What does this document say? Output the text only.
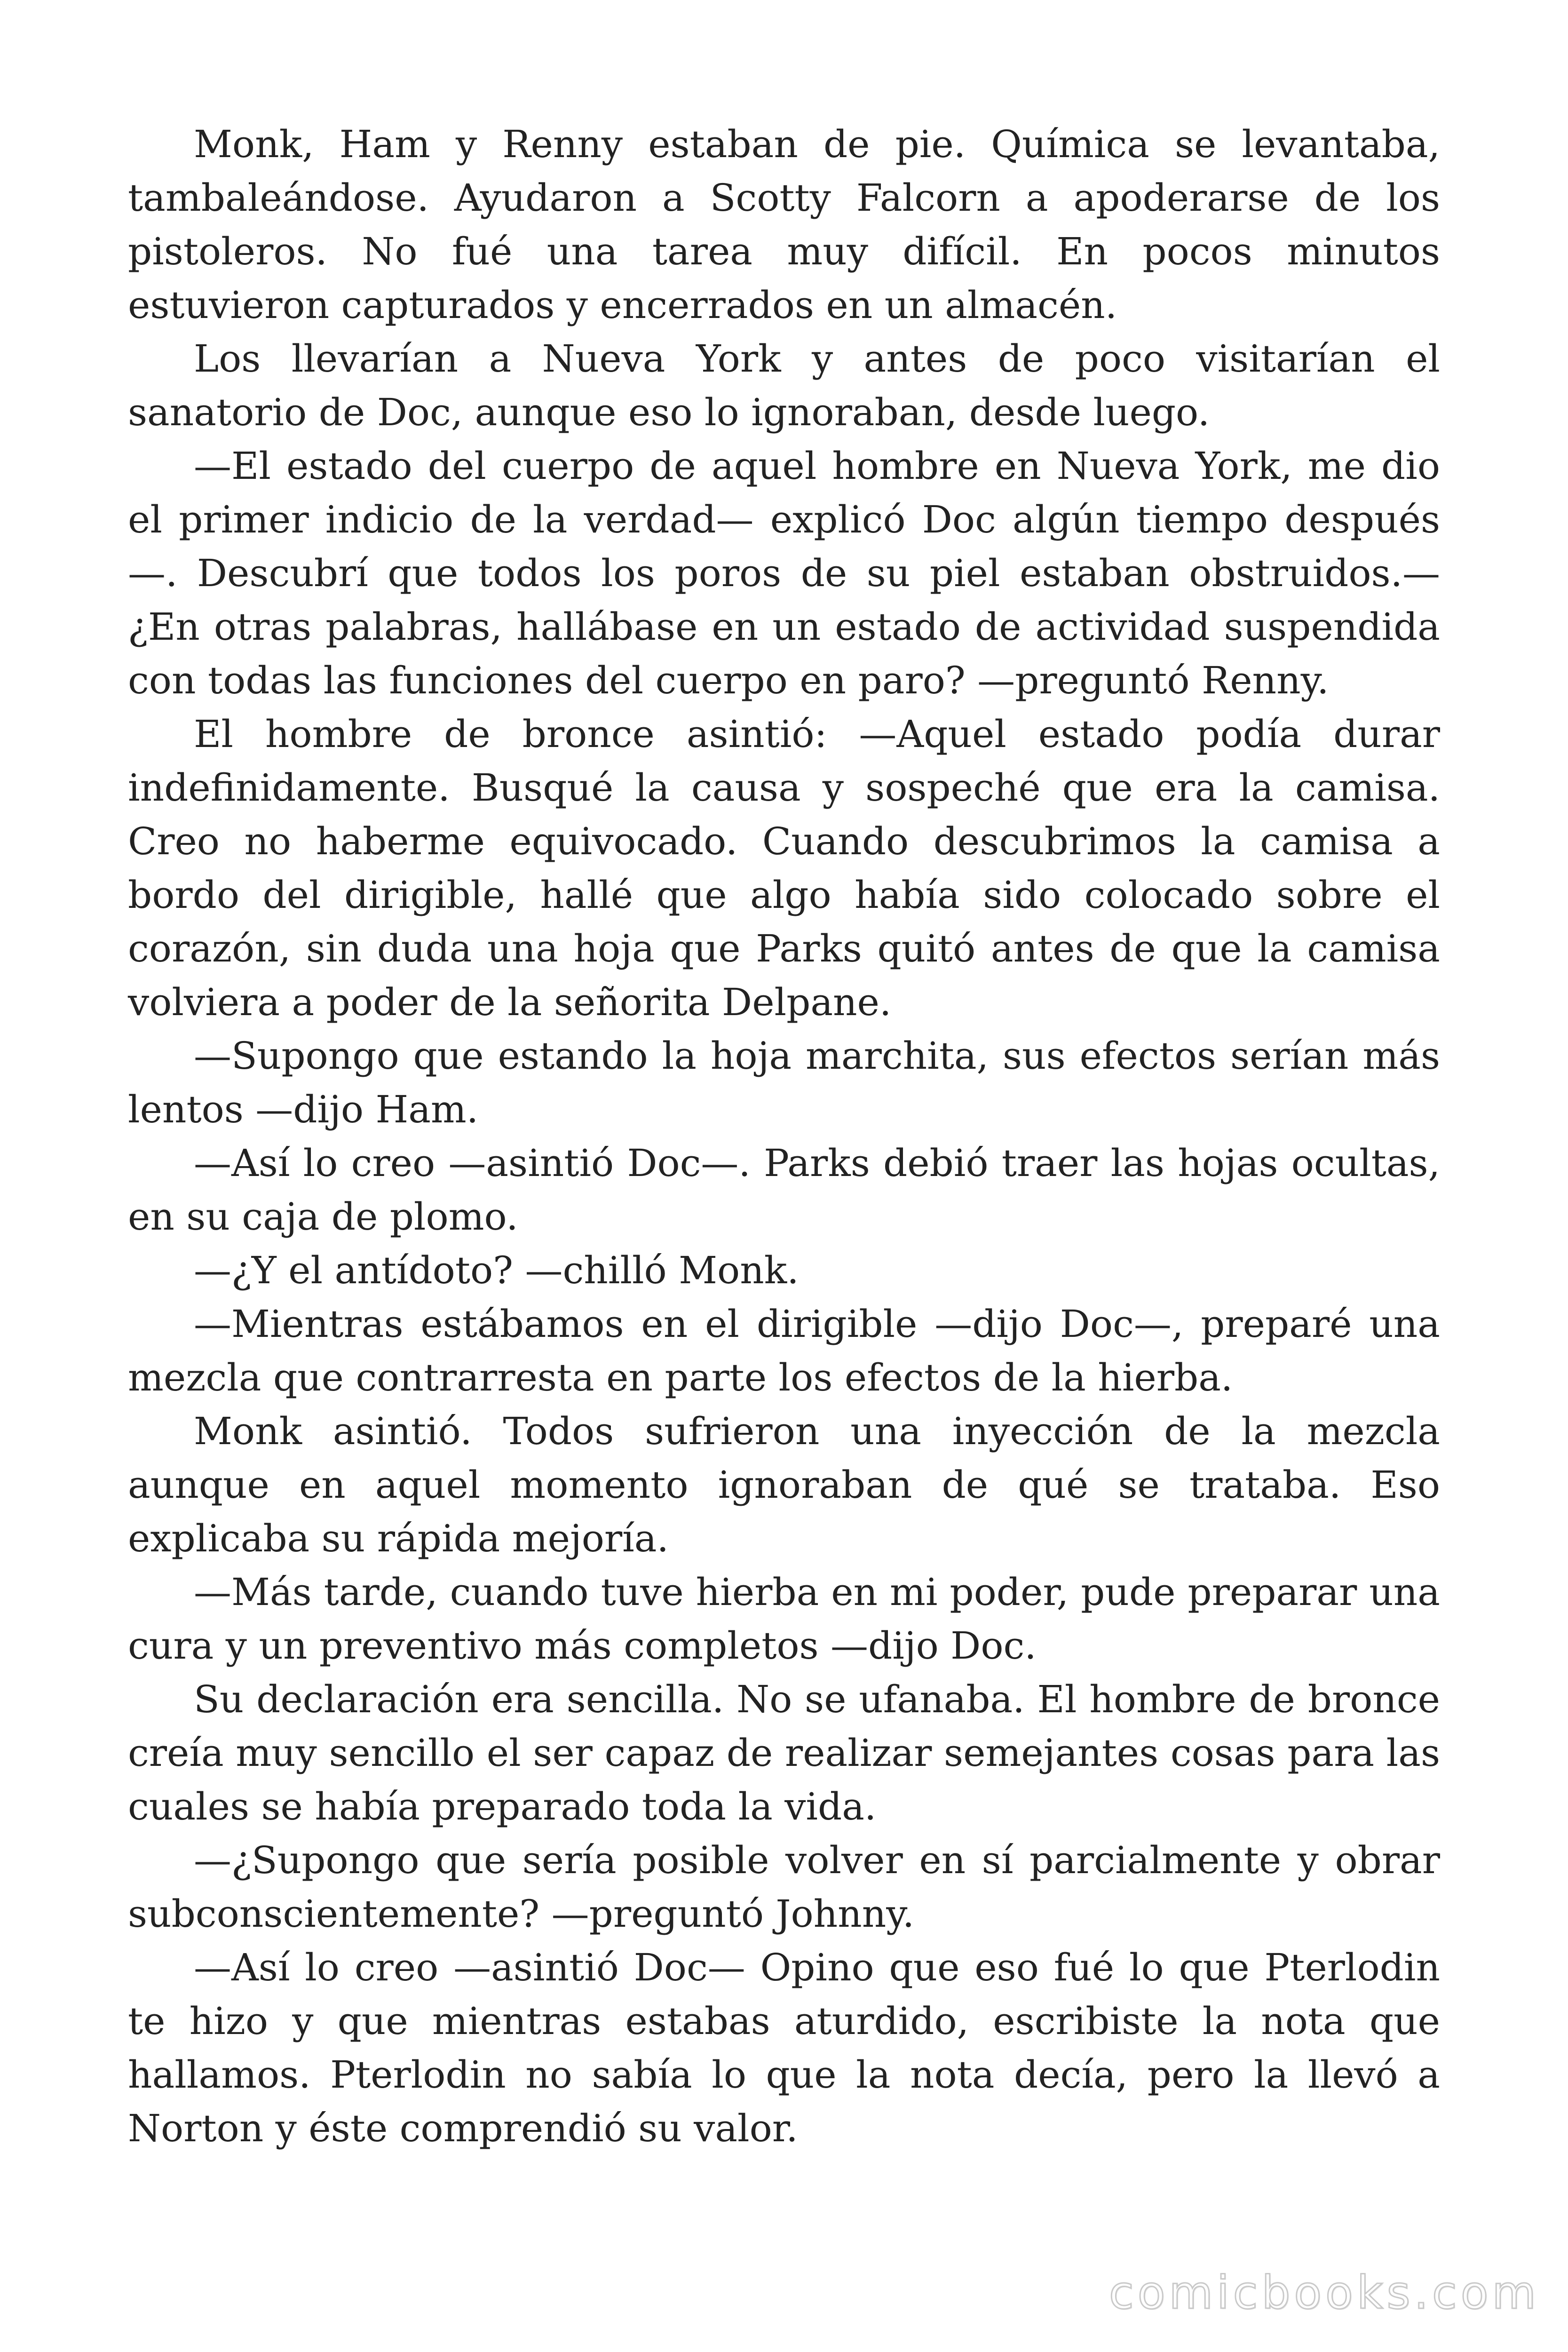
Monk, Ham y Renny estaban de pie. Química se levantaba, tambaleándose. Ayudaron a Scotty Falcorn a apoderarse de los pistoleros. No fué una tarea muy difícil. En pocos minutos estuvieron capturados y encerrados en un almacén.

Los llevarían a Nueva York y antes de poco visitarían el sanatorio de Doc, aunque eso lo ignoraban, desde luego.

—El estado del cuerpo de aquel hombre en Nueva York, me dio el primer indicio de la verdad— explicó Doc algún tiempo después —. Descubrí que todos los poros de su piel estaban obstruidos.— ¿En otras palabras, hallábase en un estado de actividad suspendida con todas las funciones del cuerpo en paro? —preguntó Renny.

El hombre de bronce asintió: —Aquel estado podía durar indefinidamente. Busqué la causa y sospeché que era la camisa. Creo no haberme equivocado. Cuando descubrimos la camisa a bordo del dirigible, hallé que algo había sido colocado sobre el corazón, sin duda una hoja que Parks quitó antes de que la camisa volviera a poder de la señorita Delpane.

—Supongo que estando la hoja marchita, sus efectos serían más lentos —dijo Ham.

—Así lo creo —asintió Doc—. Parks debió traer las hojas ocultas, en su caja de plomo.

—¿Y el antídoto? —chilló Monk.

—Mientras estábamos en el dirigible —dijo Doc—, preparé una mezcla que contrarresta en parte los efectos de la hierba.

Monk asintió. Todos sufrieron una inyección de la mezcla aunque en aquel momento ignoraban de qué se trataba. Eso explicaba su rápida mejoría.

—Más tarde, cuando tuve hierba en mi poder, pude preparar una cura y un preventivo más completos —dijo Doc.

Su declaración era sencilla. No se ufanaba. El hombre de bronce creía muy sencillo el ser capaz de realizar semejantes cosas para las cuales se había preparado toda la vida.

—¿Supongo que sería posible volver en sí parcialmente y obrar subconscientemente? —preguntó Johnny.

—Así lo creo —asintió Doc— Opino que eso fué lo que Pterlodin te hizo y que mientras estabas aturdido, escribiste la nota que hallamos. Pterlodin no sabía lo que la nota decía, pero la llevó a Norton y éste comprendió su valor.

comicbooks.com
